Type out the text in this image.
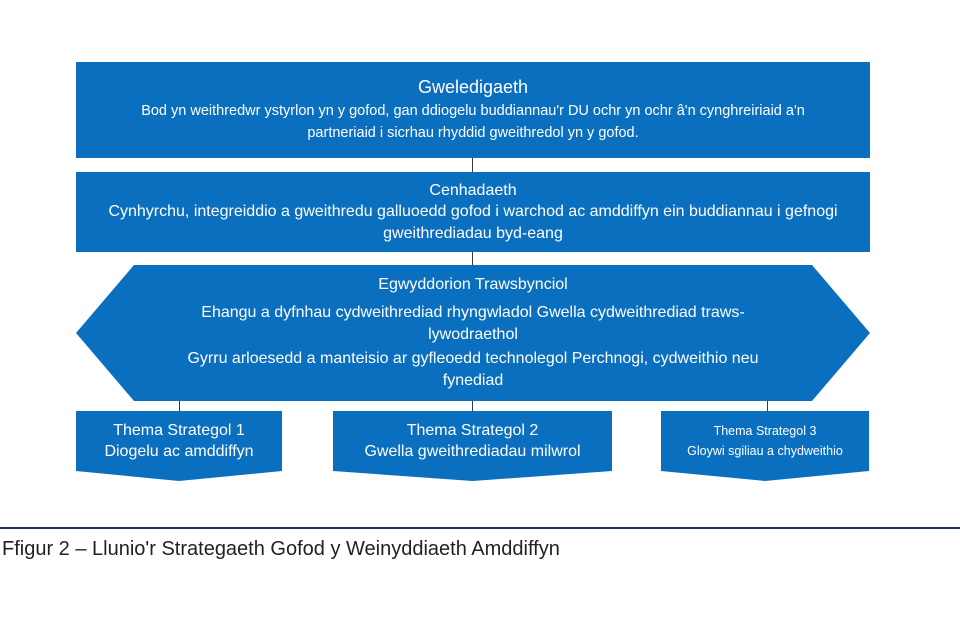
Gweledigaeth
Bod yn weithredwr ystyrlon yn y gofod, gan ddiogelu buddiannau'r DU ochr yn ochr â'n cynghreiriaid a'n partneriaid i sicrhau rhyddid gweithredol yn y gofod.
Cenhadaeth
Cynhyrchu, integreiddio a gweithredu galluoedd gofod i warchod ac amddiffyn ein buddiannau i gefnogi gweithrediadau byd-eang
Egwyddorion Trawsbynciol
Ehangu a dyfnhau cydweithrediad rhyngwladol Gwella cydweithrediad traws-lywodraethol
Gyrru arloesedd a manteisio ar gyfleoedd technolegol Perchnogi, cydweithio neu fynediad
Thema Strategol 1
Diogelu ac amddiffyn
Thema Strategol 2
Gwella gweithrediadau milwrol
Thema Strategol 3
Gloywi sgiliau a chydweithio
Ffigur 2 – Llunio'r Strategaeth Gofod y Weinyddiaeth Amddiffyn
